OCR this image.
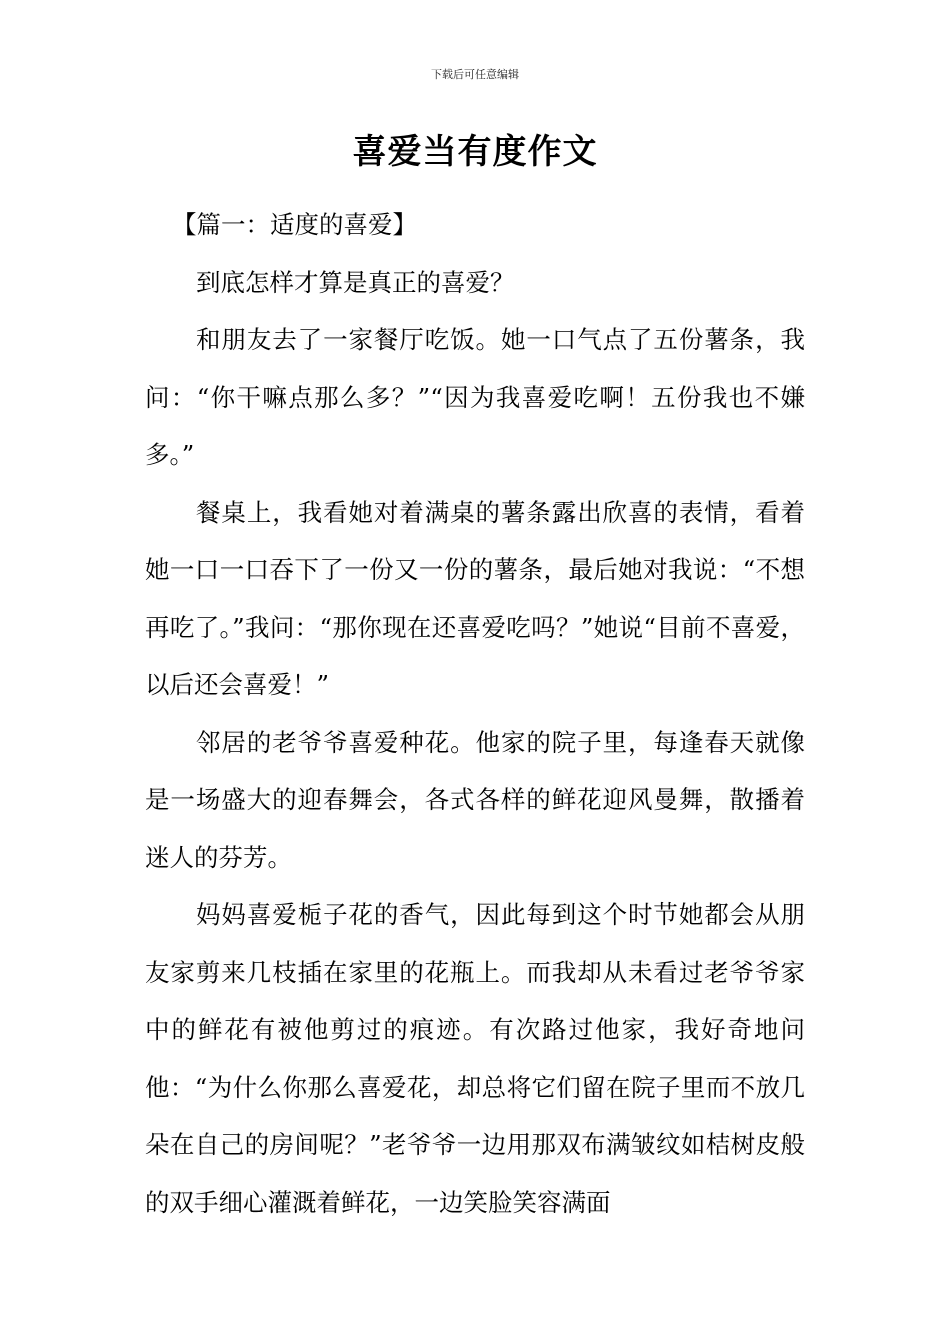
下载后可任意编辑
喜爱当有度作文

【篇一：适度的喜爱】

到底怎样才算是真正的喜爱？

和朋友去了一家餐厅吃饭。她一口气点了五份薯条，我问：“你干嘛点那么多？”“因为我喜爱吃啊！五份我也不嫌多。”

餐桌上，我看她对着满桌的薯条露出欣喜的表情，看着她一口一口吞下了一份又一份的薯条，最后她对我说：“不想再吃了。”我问：“那你现在还喜爱吃吗？”她说“目前不喜爱，以后还会喜爱！”

邻居的老爷爷喜爱种花。他家的院子里，每逢春天就像是一场盛大的迎春舞会，各式各样的鲜花迎风曼舞，散播着迷人的芬芳。

妈妈喜爱栀子花的香气，因此每到这个时节她都会从朋友家剪来几枝插在家里的花瓶上。而我却从未看过老爷爷家中的鲜花有被他剪过的痕迹。有次路过他家，我好奇地问他：“为什么你那么喜爱花，却总将它们留在院子里而不放几朵在自己的房间呢？”老爷爷一边用那双布满皱纹如桔树皮般的双手细心灌溉着鲜花，一边笑脸笑容满面
